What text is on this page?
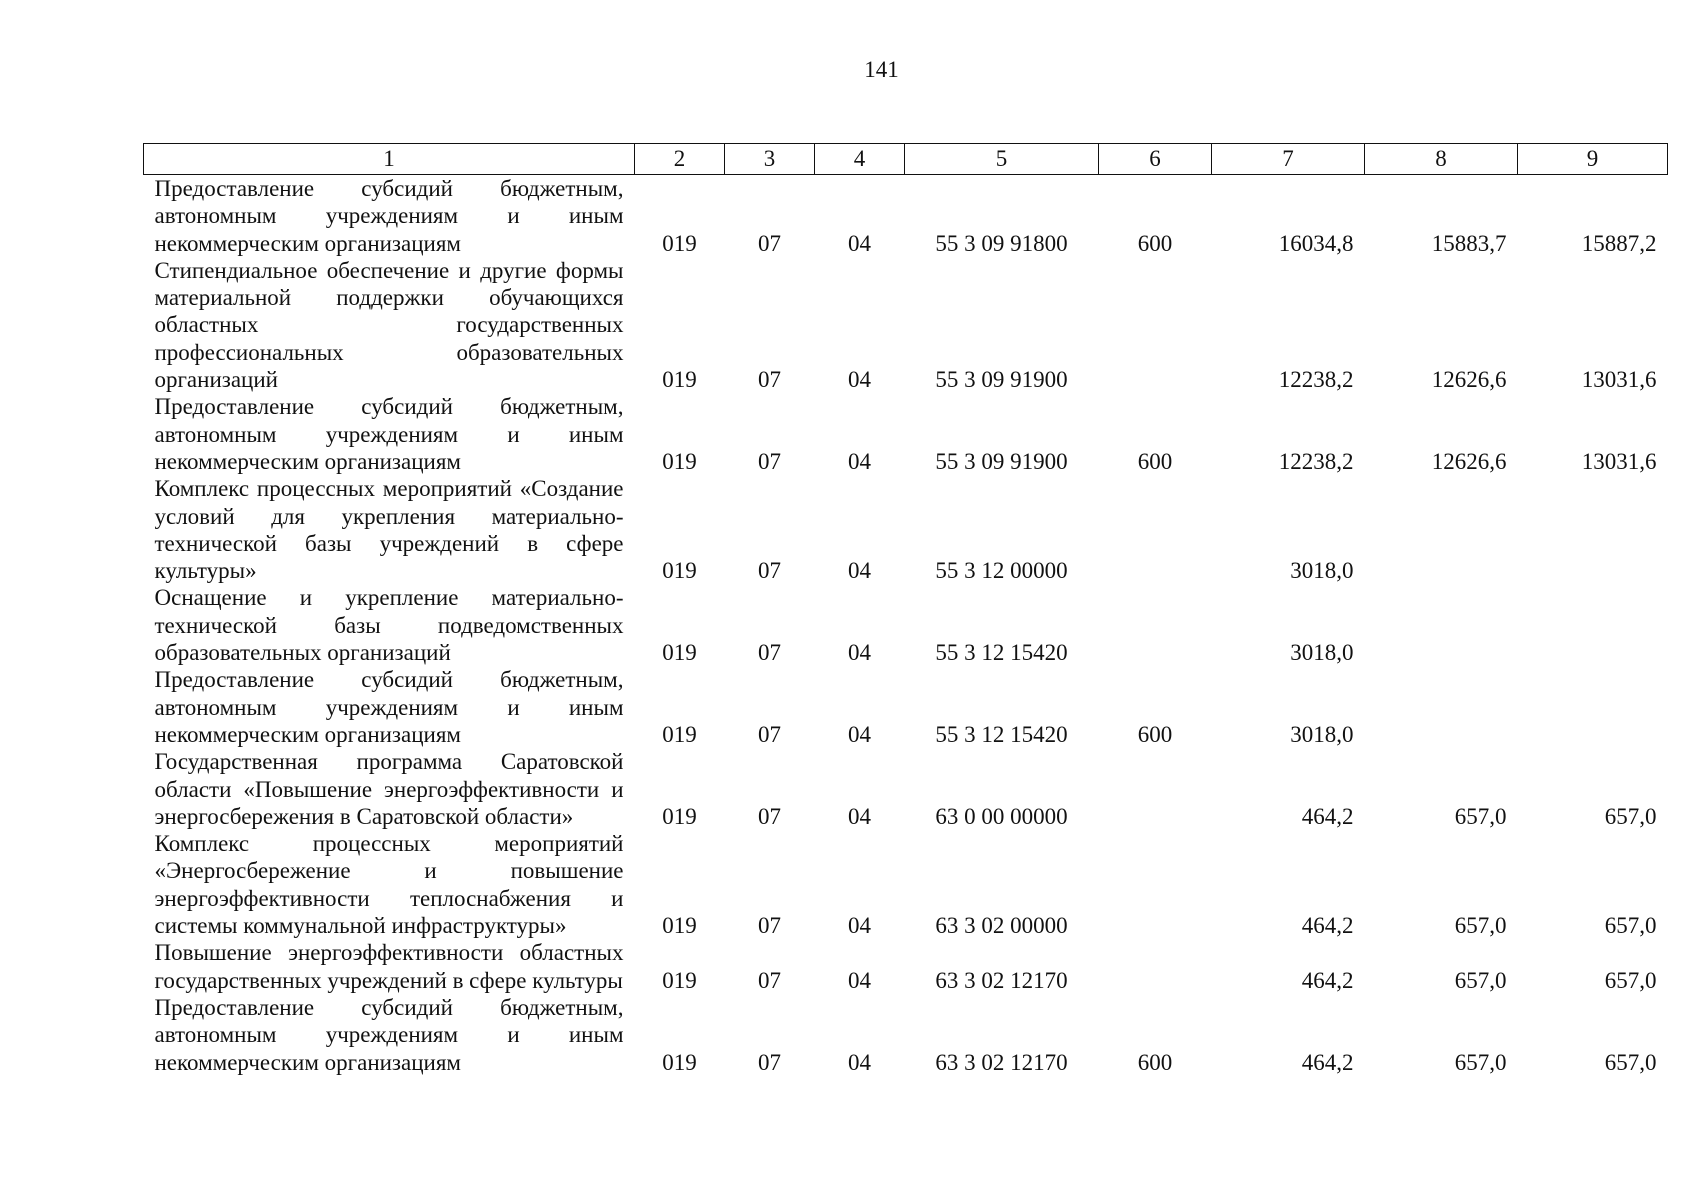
141
1	2	3	4	5	6	7	8	9
Предоставление субсидий бюджетным, автономным учреждениям и иным некоммерческим организациям	019	07	04	55 3 09 91800	600	16034,8	15883,7	15887,2
Стипендиальное обеспечение и другие формы материальной поддержки обучающихся областных государственных профессиональных образовательных организаций	019	07	04	55 3 09 91900		12238,2	12626,6	13031,6
Предоставление субсидий бюджетным, автономным учреждениям и иным некоммерческим организациям	019	07	04	55 3 09 91900	600	12238,2	12626,6	13031,6
Комплекс процессных мероприятий «Создание условий для укрепления материально-технической базы учреждений в сфере культуры»	019	07	04	55 3 12 00000		3018,0		
Оснащение и укрепление материально-технической базы подведомственных образовательных организаций	019	07	04	55 3 12 15420		3018,0		
Предоставление субсидий бюджетным, автономным учреждениям и иным некоммерческим организациям	019	07	04	55 3 12 15420	600	3018,0		
Государственная программа Саратовской области «Повышение энергоэффективности и энергосбережения в Саратовской области»	019	07	04	63 0 00 00000		464,2	657,0	657,0
Комплекс процессных мероприятий «Энергосбережение и повышение энергоэффективности теплоснабжения и системы коммунальной инфраструктуры»	019	07	04	63 3 02 00000		464,2	657,0	657,0
Повышение энергоэффективности областных государственных учреждений в сфере культуры	019	07	04	63 3 02 12170		464,2	657,0	657,0
Предоставление субсидий бюджетным, автономным учреждениям и иным некоммерческим организациям	019	07	04	63 3 02 12170	600	464,2	657,0	657,0
